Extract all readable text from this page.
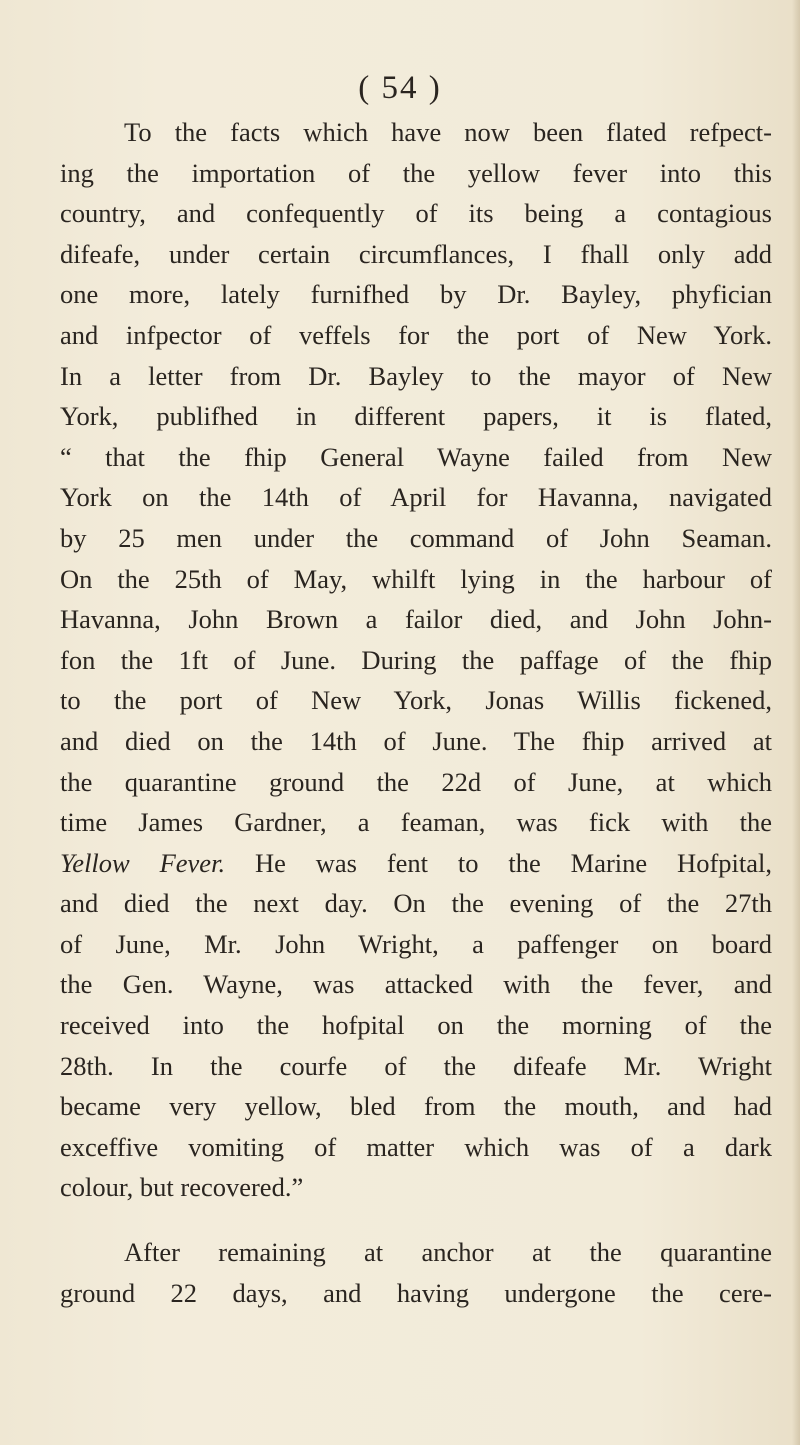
( 54 )
To the facts which have now been flated refpect-
ing the importation of the yellow fever into this
country, and confequently of its being a contagious
difeafe, under certain circumflances, I fhall only add
one more, lately furnifhed by Dr. Bayley, phyfician
and infpector of veffels for the port of New York.
In a letter from Dr. Bayley to the mayor of New
York, publifhed in different papers, it is flated,
“ that the fhip General Wayne failed from New
York on the 14th of April for Havanna, navigated
by 25 men under the command of John Seaman.
On the 25th of May, whilft lying in the harbour of
Havanna, John Brown a failor died, and John John-
fon the 1ft of June. During the paffage of the fhip
to the port of New York, Jonas Willis fickened,
and died on the 14th of June. The fhip arrived at
the quarantine ground the 22d of June, at which
time James Gardner, a feaman, was fick with the
Yellow Fever. He was fent to the Marine Hofpital,
and died the next day. On the evening of the 27th
of June, Mr. John Wright, a paffenger on board
the Gen. Wayne, was attacked with the fever, and
received into the hofpital on the morning of the
28th. In the courfe of the difeafe Mr. Wright
became very yellow, bled from the mouth, and had
exceffive vomiting of matter which was of a dark
colour, but recovered.”
After remaining at anchor at the quarantine
ground 22 days, and having undergone the cere-
